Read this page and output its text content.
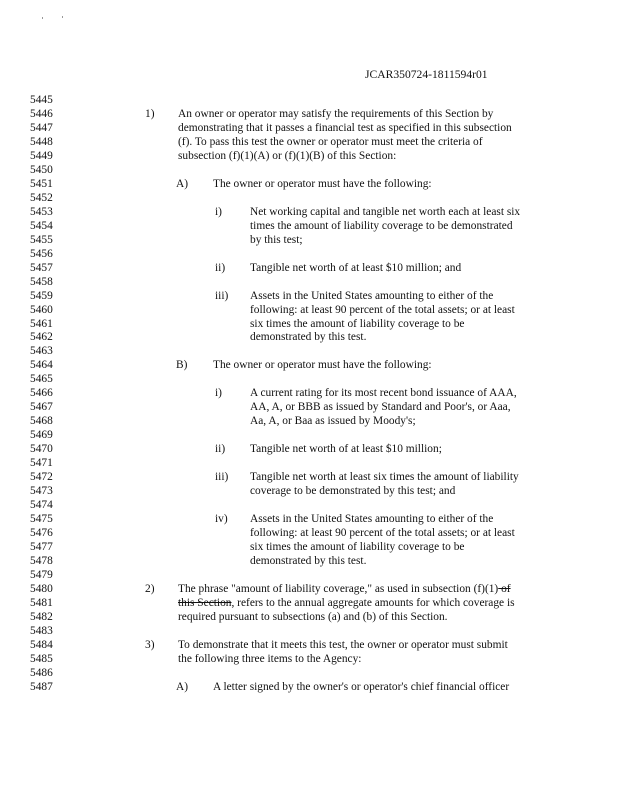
JCAR350724-1811594r01
5445
5446	1) An owner or operator may satisfy the requirements of this Section by
5447	demonstrating that it passes a financial test as specified in this subsection
5448	(f). To pass this test the owner or operator must meet the criteria of
5449	subsection (f)(1)(A) or (f)(1)(B) of this Section:
5450
5451	A) The owner or operator must have the following:
5452
5453	i) Net working capital and tangible net worth each at least six
5454	times the amount of liability coverage to be demonstrated
5455	by this test;
5456
5457	ii) Tangible net worth of at least $10 million; and
5458
5459	iii) Assets in the United States amounting to either of the
5460	following: at least 90 percent of the total assets; or at least
5461	six times the amount of liability coverage to be
5462	demonstrated by this test.
5463
5464	B) The owner or operator must have the following:
5465
5466	i) A current rating for its most recent bond issuance of AAA,
5467	AA, A, or BBB as issued by Standard and Poor's, or Aaa,
5468	Aa, A, or Baa as issued by Moody's;
5469
5470	ii) Tangible net worth of at least $10 million;
5471
5472	iii) Tangible net worth at least six times the amount of liability
5473	coverage to be demonstrated by this test; and
5474
5475	iv) Assets in the United States amounting to either of the
5476	following: at least 90 percent of the total assets; or at least
5477	six times the amount of liability coverage to be
5478	demonstrated by this test.
5479
5480	2) The phrase "amount of liability coverage," as used in subsection (f)(1) of
5481	this Section, refers to the annual aggregate amounts for which coverage is
5482	required pursuant to subsections (a) and (b) of this Section.
5483
5484	3) To demonstrate that it meets this test, the owner or operator must submit
5485	the following three items to the Agency:
5486
5487	A) A letter signed by the owner's or operator's chief financial officer
